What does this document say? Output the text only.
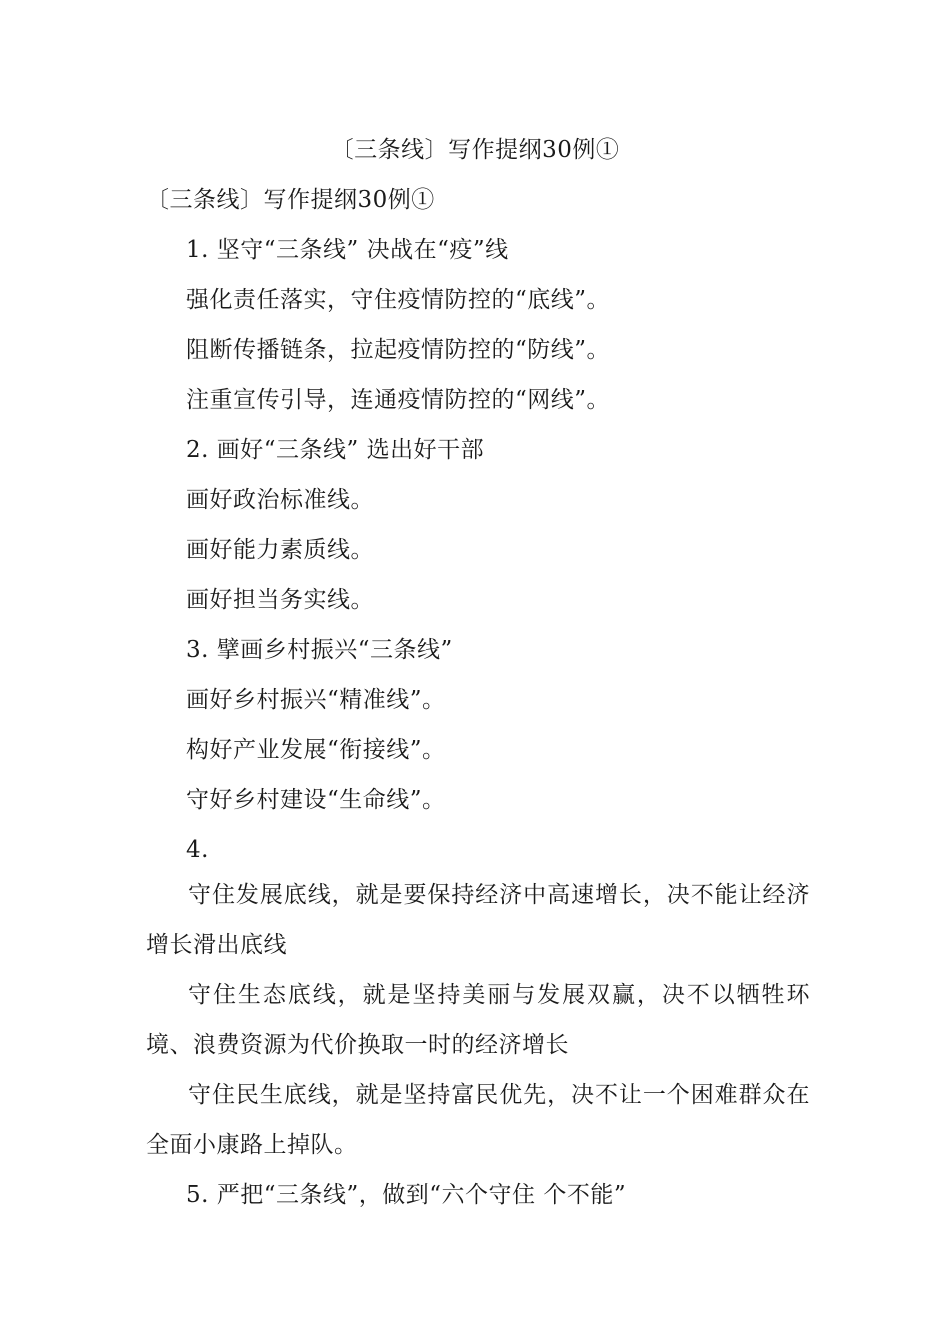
〔三条线〕写作提纲30例①
〔三条线〕写作提纲30例①
1. 坚守“三条线” 决战在“疫”线
强化责任落实，守住疫情防控的“底线”。
阻断传播链条，拉起疫情防控的“防线”。
注重宣传引导，连通疫情防控的“网线”。
2. 画好“三条线” 选出好干部
画好政治标准线。
画好能力素质线。
画好担当务实线。
3. 擘画乡村振兴“三条线”
画好乡村振兴“精准线”。
构好产业发展“衔接线”。
守好乡村建设“生命线”。
4.
守住发展底线，就是要保持经济中高速增长，决不能让经济增长滑出底线
守住生态底线，就是坚持美丽与发展双赢，决不以牺牲环境、浪费资源为代价换取一时的经济增长
守住民生底线，就是坚持富民优先，决不让一个困难群众在全面小康路上掉队。
5. 严把“三条线”，做到“六个守住 个不能”
